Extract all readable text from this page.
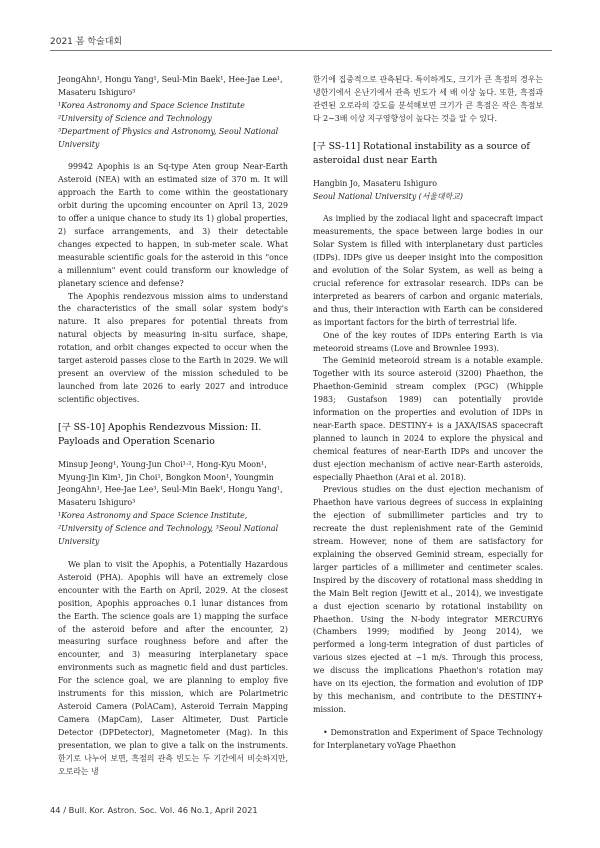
2021 봄 학술대회

JeongAhn¹, Hongu Yang¹, Seul-Min Baek¹, Hee-Jae Lee¹, Masateru Ishiguro³

¹Korea Astronomy and Space Science Institute

²University of Science and Technology

³Department of Physics and Astronomy, Seoul National University

99942 Apophis is an Sq-type Aten group Near-Earth Asteroid (NEA) with an estimated size of 370 m. It will approach the Earth to come within the geostationary orbit during the upcoming encounter on April 13, 2029 to offer a unique chance to study its 1) global properties, 2) surface arrangements, and 3) their detectable changes expected to happen, in sub-meter scale. What measurable scientific goals for the asteroid in this "once a millennium" event could transform our knowledge of planetary science and defense?

The Apophis rendezvous mission aims to understand the characteristics of the small solar system body's nature. It also prepares for potential threats from natural objects by measuring in-situ surface, shape, rotation, and orbit changes expected to occur when the target asteroid passes close to the Earth in 2029. We will present an overview of the mission scheduled to be launched from late 2026 to early 2027 and introduce scientific objectives.

[구 SS-10] Apophis Rendezvous Mission: II. Payloads and Operation Scenario

Minsup Jeong¹, Young-Jun Choi¹·², Hong-Kyu Moon¹, Myung-Jin Kim¹, Jin Choi¹, Bongkon Moon¹, Youngmin JeongAhn¹, Hee-Jae Lee³, Seul-Min Baek¹, Hongu Yang¹, Masateru Ishiguro³

¹Korea Astronomy and Space Science Institute, ²University of Science and Technology, ³Seoul National University

We plan to visit the Apophis, a Potentially Hazardous Asteroid (PHA). Apophis will have an extremely close encounter with the Earth on April, 2029. At the closest position, Apophis approaches 0.1 lunar distances from the Earth. The science goals are 1) mapping the surface of the asteroid before and after the encounter, 2) measuring surface roughness before and after the encounter, and 3) measuring interplanetary space environments such as magnetic field and dust particles. For the science goal, we are planning to employ five instruments for this mission, which are Polarimetric Asteroid Camera (PolACam), Asteroid Terrain Mapping Camera (MapCam), Laser Altimeter, Dust Particle Detector (DPDetector), Magnetometer (Mag). In this presentation, we plan to give a talk on the instruments.한기로 나누어 보면, 흑점의 관측 빈도는 두 기간에서 비슷하지만, 오로라는 냉

한기에 집중적으로 관측된다. 특이하게도, 크기가 큰 흑점의 경우는 냉한기에서 온난기에서 관측 빈도가 세 배 이상 높다. 또한, 흑점과 관련된 오로라의 강도를 분석해보면 크기가 큰 흑점은 작은 흑점보다 2~3배 이상 지구영향성이 높다는 것을 알 수 있다.

[구 SS-11] Rotational instability as a source of asteroidal dust near Earth

Hangbin Jo, Masateru Ishiguro

Seoul National University (서울대학교)

As implied by the zodiacal light and spacecraft impact measurements, the space between large bodies in our Solar System is filled with interplanetary dust particles (IDPs). IDPs give us deeper insight into the composition and evolution of the Solar System, as well as being a crucial reference for extrasolar research. IDPs can be interpreted as bearers of carbon and organic materials, and thus, their interaction with Earth can be considered as important factors for the birth of terrestrial life.

One of the key routes of IDPs entering Earth is via meteoroid streams (Love and Brownlee 1993).

The Geminid meteoroid stream is a notable example. Together with its source asteroid (3200) Phaethon, the Phaethon-Geminid stream complex (PGC) (Whipple 1983; Gustafson 1989) can potentially provide information on the properties and evolution of IDPs in near-Earth space. DESTINY+ is a JAXA/ISAS spacecraft planned to launch in 2024 to explore the physical and chemical features of near-Earth IDPs and uncover the dust ejection mechanism of active near-Earth asteroids, especially Phaethon (Arai et al. 2018).

Previous studies on the dust ejection mechanism of Phaethon have various degrees of success in explaining the ejection of submillimeter particles and try to recreate the dust replenishment rate of the Geminid stream. However, none of them are satisfactory for explaining the observed Geminid stream, especially for larger particles of a millimeter and centimeter scales. Inspired by the discovery of rotational mass shedding in the Main Belt region (Jewitt et al., 2014), we investigate a dust ejection scenario by rotational instability on Phaethon. Using the N-body integrator MERCURY6 (Chambers 1999; modified by Jeong 2014), we performed a long-term integration of dust particles of various sizes ejected at ~1 m/s. Through this process, we discuss the implications Phaethon's rotation may have on its ejection, the formation and evolution of IDP by this mechanism, and contribute to the DESTINY+ mission.

• Demonstration and Experiment of Space Technology for Interplanetary voYage Phaethon

44 / Bull. Kor. Astron. Soc. Vol. 46 No.1, April 2021
